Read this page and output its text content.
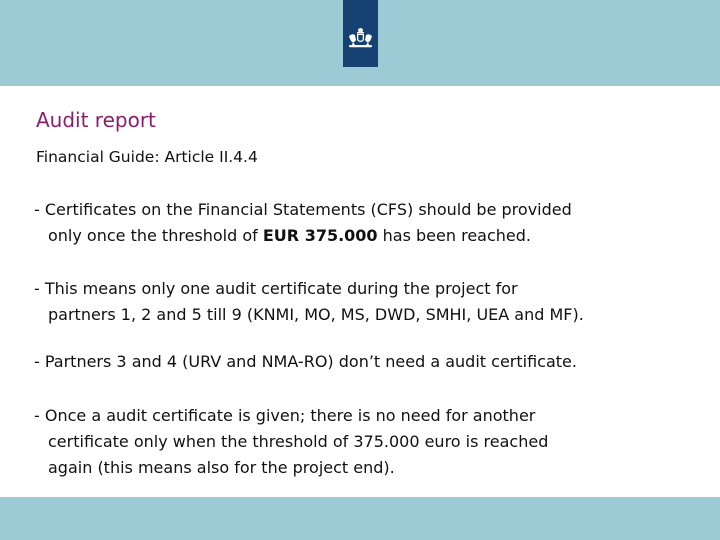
Audit report
Financial Guide: Article II.4.4
- Certificates on the Financial Statements (CFS) should be provided
only once the threshold of EUR 375.000 has been reached.
- This means only one audit certificate during the project for
partners 1, 2 and 5 till 9 (KNMI, MO, MS, DWD, SMHI, UEA and MF).
- Partners 3 and 4 (URV and NMA-RO) don’t need a audit certificate.
- Once a audit certificate is given; there is no need for another
certificate only when the threshold of 375.000 euro is reached
again (this means also for the project end).
